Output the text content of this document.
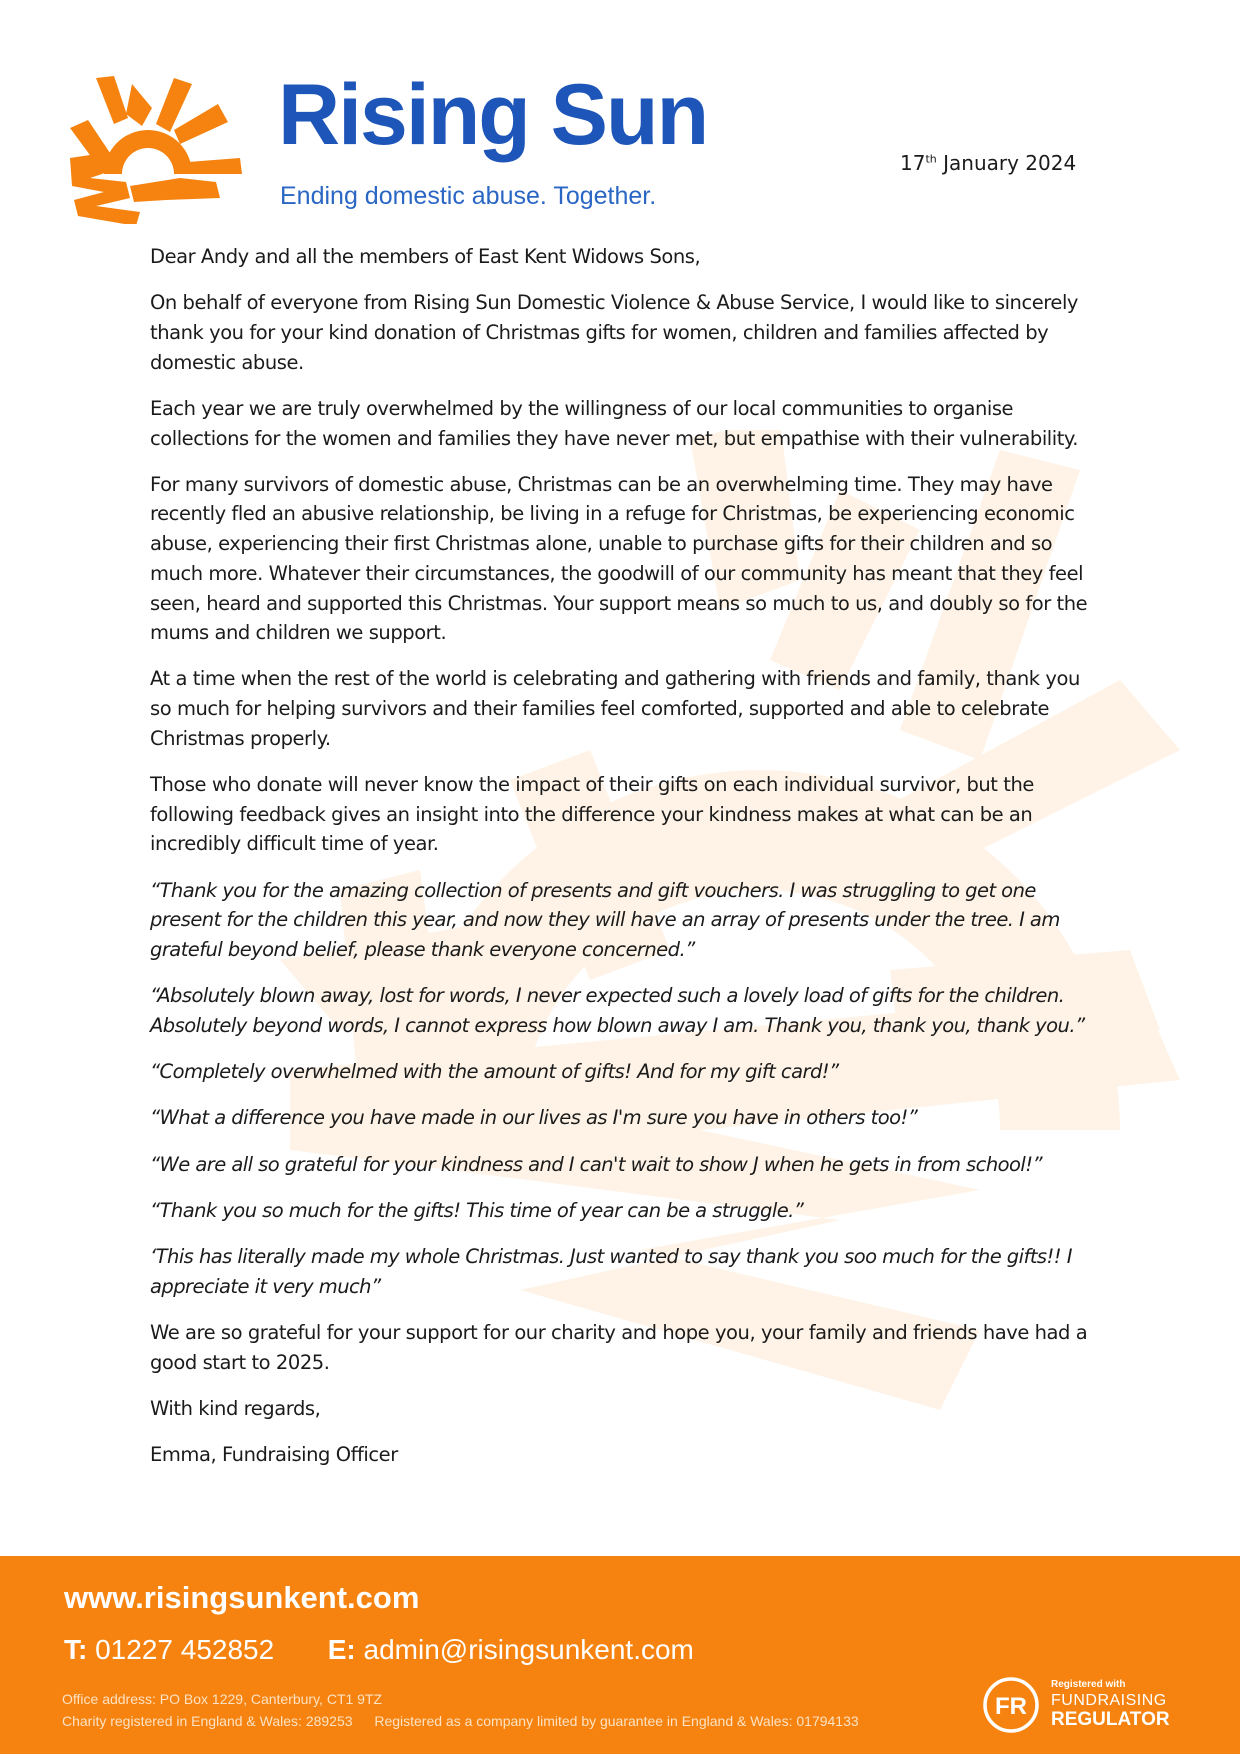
Rising Sun
Ending domestic abuse. Together.
17th January 2024

Dear Andy and all the members of East Kent Widows Sons,

On behalf of everyone from Rising Sun Domestic Violence & Abuse Service, I would like to sincerely thank you for your kind donation of Christmas gifts for women, children and families affected by domestic abuse.

Each year we are truly overwhelmed by the willingness of our local communities to organise collections for the women and families they have never met, but empathise with their vulnerability.

For many survivors of domestic abuse, Christmas can be an overwhelming time. They may have recently fled an abusive relationship, be living in a refuge for Christmas, be experiencing economic abuse, experiencing their first Christmas alone, unable to purchase gifts for their children and so much more. Whatever their circumstances, the goodwill of our community has meant that they feel seen, heard and supported this Christmas. Your support means so much to us, and doubly so for the mums and children we support.

At a time when the rest of the world is celebrating and gathering with friends and family, thank you so much for helping survivors and their families feel comforted, supported and able to celebrate Christmas properly.

Those who donate will never know the impact of their gifts on each individual survivor, but the following feedback gives an insight into the difference your kindness makes at what can be an incredibly difficult time of year.

“Thank you for the amazing collection of presents and gift vouchers. I was struggling to get one present for the children this year, and now they will have an array of presents under the tree. I am grateful beyond belief, please thank everyone concerned.”

“Absolutely blown away, lost for words, I never expected such a lovely load of gifts for the children. Absolutely beyond words, I cannot express how blown away I am. Thank you, thank you, thank you.”

“Completely overwhelmed with the amount of gifts! And for my gift card!”

“What a difference you have made in our lives as I'm sure you have in others too!”

“We are all so grateful for your kindness and I can't wait to show J when he gets in from school!”

“Thank you so much for the gifts! This time of year can be a struggle.”

‘This has literally made my whole Christmas. Just wanted to say thank you soo much for the gifts!! I appreciate it very much”

We are so grateful for your support for our charity and hope you, your family and friends have had a good start to 2025.

With kind regards,

Emma, Fundraising Officer

www.risingsunkent.com
T: 01227 452852 E: admin@risingsunkent.com
Office address: PO Box 1229, Canterbury, CT1 9TZ
Charity registered in England & Wales: 289253 Registered as a company limited by guarantee in England & Wales: 01794133
FR
Registered with
FUNDRAISING
REGULATOR
